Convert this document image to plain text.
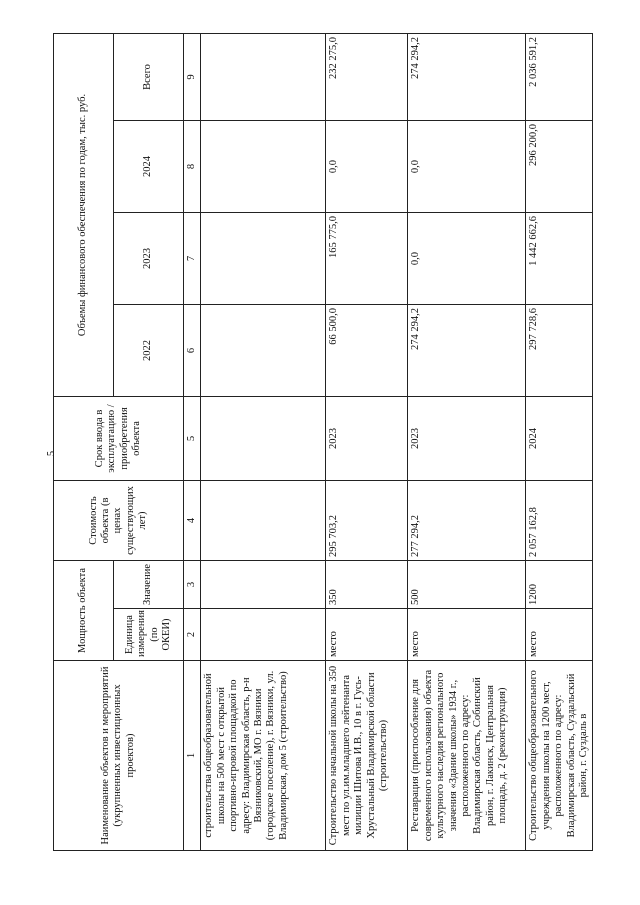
5
Наименование объектов и мероприятий (укрупненных инвестиционных проектов)	Мощность объекта		Стоимость объекта (в ценах существующих лет)	Срок ввода в эксплуатацию / приобретения объекта	Объемы финансового обеспечения по годам, тыс. руб.			
	Единица измерения (по ОКЕИ)	Значение			2022	2023	2024	Всего
1	2	3	4	5	6	7	8	9
строительства общеобразовательной школы на 500 мест с открытой спортивно-игровой площадкой по адресу: Владимирская область, р-н Вязниковский, МО г. Вязники (городское поселение), г. Вязники, ул. Владимирская, дом 5 (строительство)								
Строительство начальной школы на 350 мест по ул.им.младшего лейтенанта милиции Шитова И.В., 10 в г. Гусь-Хрустальный Владимирской области (строительство)	место	350	295 703,2	2023	66 500,0	165 775,0	0,0	232 275,0
Реставрация (приспособление для современного использования) объекта культурного наследия регионального значения «Здание школы» 1934 г., расположенного по адресу: Владимирская область, Собинский район, г. Лакинск, Центральная площадь, д. 2 (реконструкция)	место	500	277 294,2	2023	274 294,2	0,0	0,0	274 294,2
Строительство общеобразовательного учреждения школы на 1200 мест, расположенного по адресу: Владимирская область, Суздальский район, г. Суздаль в	место	1200	2 057 162,8	2024	297 728,6	1 442 662,6	296 200,0	2 036 591,2
